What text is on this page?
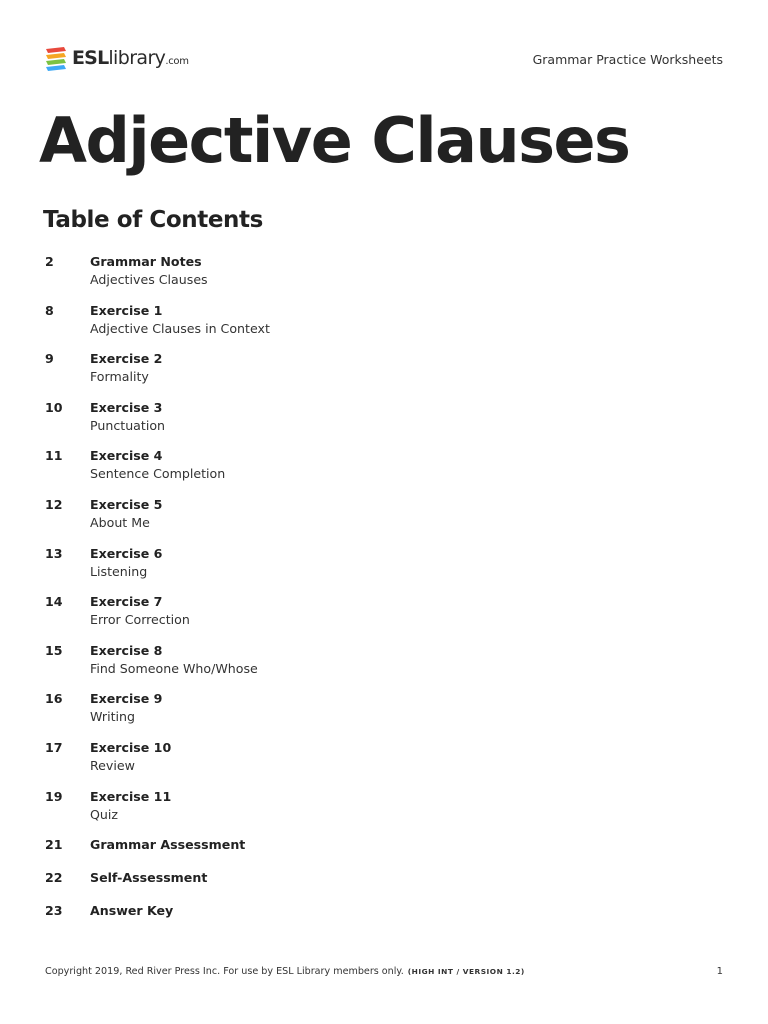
ESLlibrary.com	Grammar Practice Worksheets
Adjective Clauses
Table of Contents
2	Grammar Notes
Adjectives Clauses
8	Exercise 1
Adjective Clauses in Context
9	Exercise 2
Formality
10 Exercise 3
Punctuation
11 Exercise 4
Sentence Completion
12 Exercise 5
About Me
13 Exercise 6
Listening
14 Exercise 7
Error Correction
15 Exercise 8
Find Someone Who/Whose
16 Exercise 9
Writing
17 Exercise 10
Review
19 Exercise 11
Quiz
21 Grammar Assessment
22 Self-Assessment
23 Answer Key
Copyright 2019, Red River Press Inc. For use by ESL Library members only. (HIGH INT / VERSION 1.2)	1
